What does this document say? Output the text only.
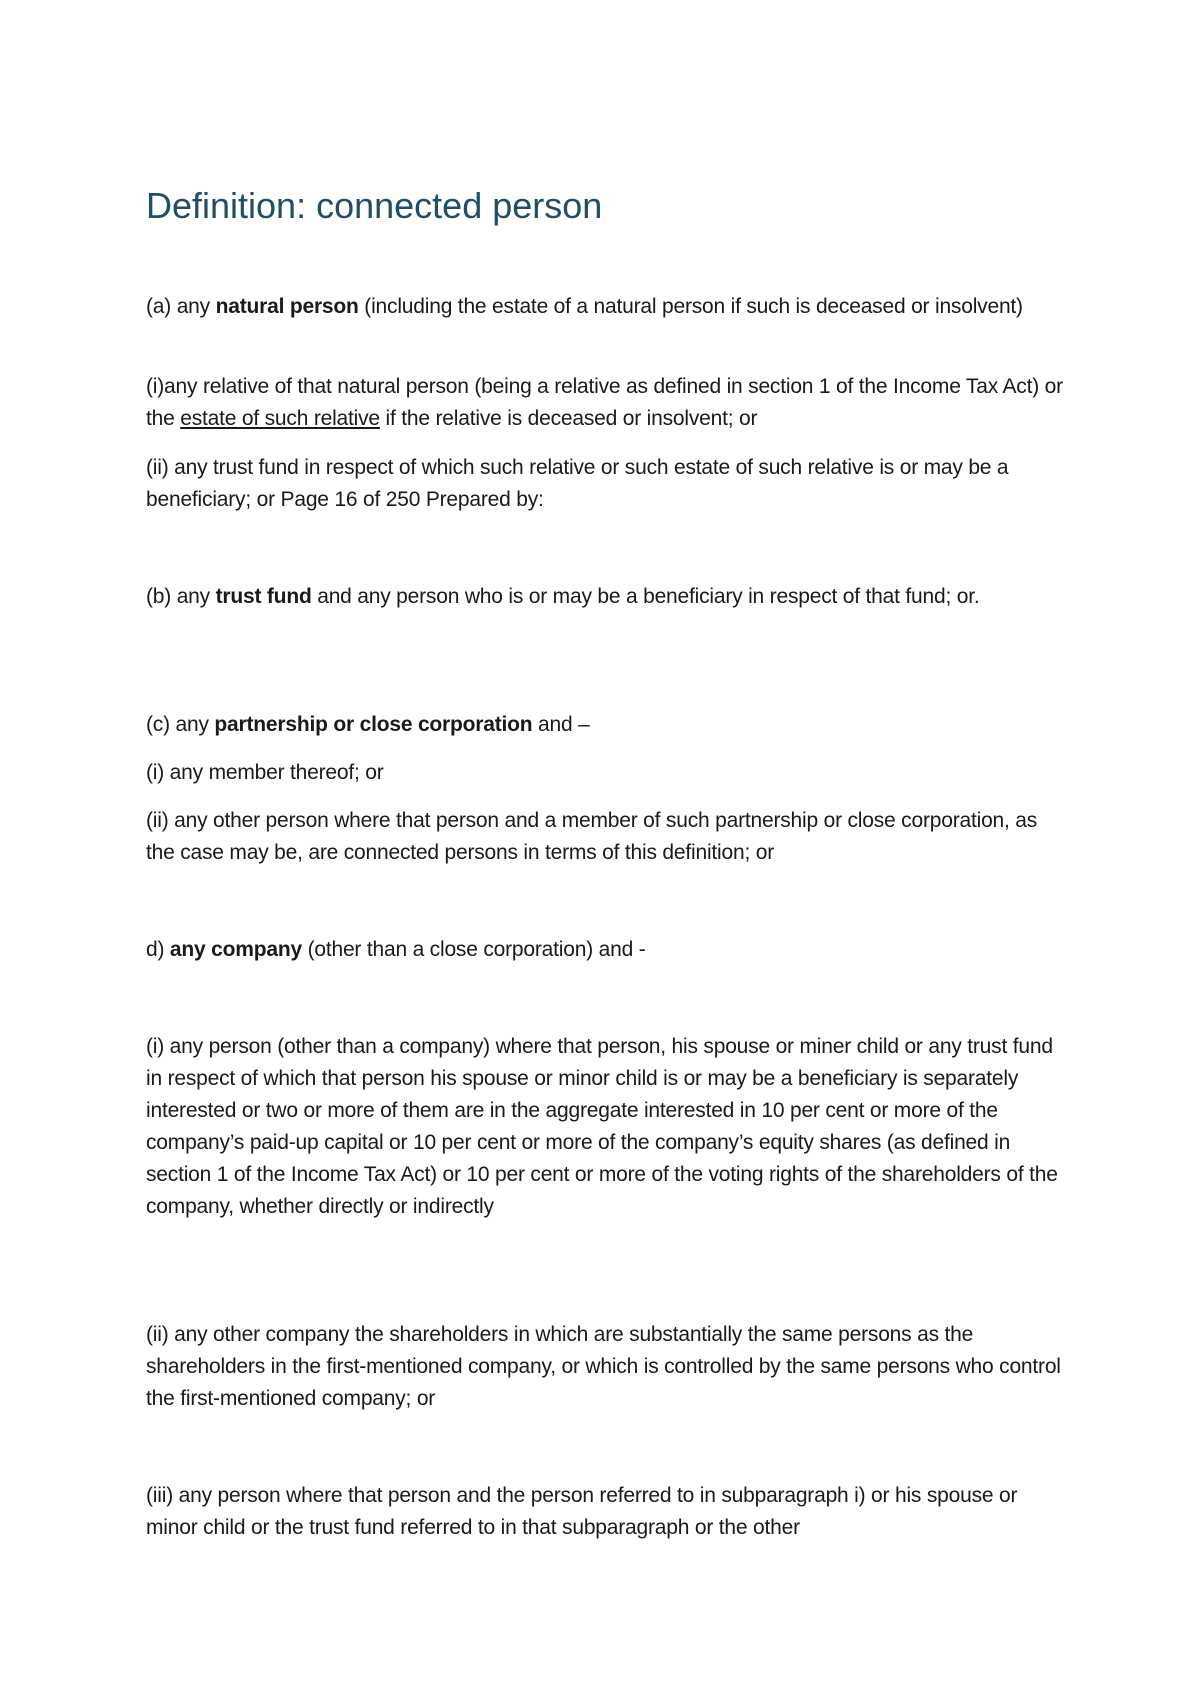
Definition: connected person

(a) any natural person (including the estate of a natural person if such is deceased or insolvent)

(i)any relative of that natural person (being a relative as defined in section 1 of the Income Tax Act) or the estate of such relative if the relative is deceased or insolvent; or

(ii) any trust fund in respect of which such relative or such estate of such relative is or may be a beneficiary; or Page 16 of 250 Prepared by:

(b) any trust fund and any person who is or may be a beneficiary in respect of that fund; or.

(c) any partnership or close corporation and –

(i) any member thereof; or

(ii) any other person where that person and a member of such partnership or close corporation, as the case may be, are connected persons in terms of this definition; or

d) any company (other than a close corporation) and -

(i) any person (other than a company) where that person, his spouse or miner child or any trust fund in respect of which that person his spouse or minor child is or may be a beneficiary is separately interested or two or more of them are in the aggregate interested in 10 per cent or more of the company’s paid-up capital or 10 per cent or more of the company’s equity shares (as defined in section 1 of the Income Tax Act) or 10 per cent or more of the voting rights of the shareholders of the company, whether directly or indirectly

(ii) any other company the shareholders in which are substantially the same persons as the shareholders in the first-mentioned company, or which is controlled by the same persons who control the first-mentioned company; or

(iii) any person where that person and the person referred to in subparagraph i) or his spouse or minor child or the trust fund referred to in that subparagraph or the other
